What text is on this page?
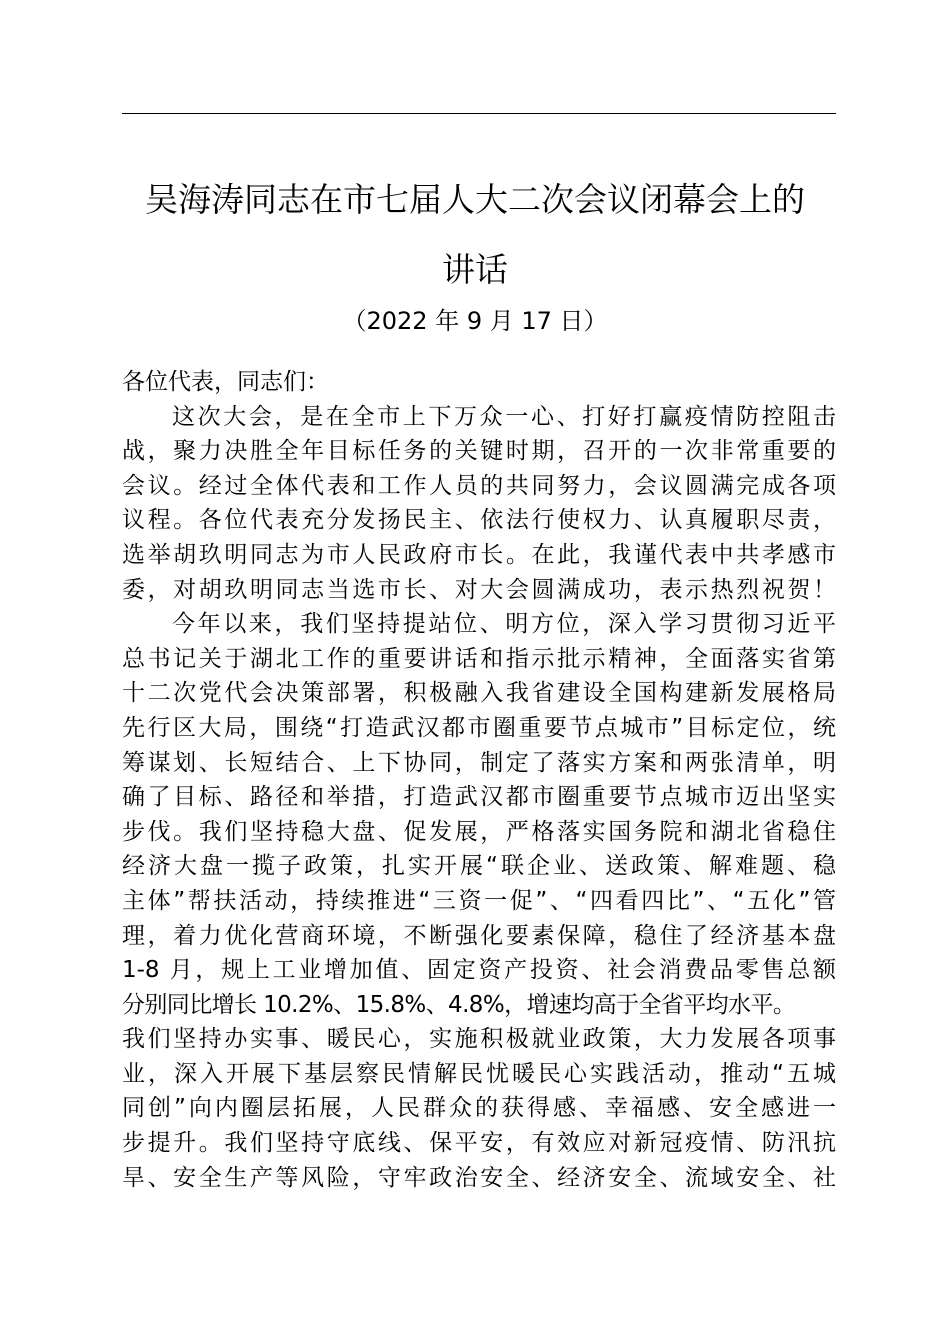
吴海涛同志在市七届人大二次会议闭幕会上的
讲话
（2022 年 9 月 17 日）
各位代表，同志们：
这次大会，是在全市上下万众一心、打好打赢疫情防控阻击
战，聚力决胜全年目标任务的关键时期，召开的一次非常重要的
会议。经过全体代表和工作人员的共同努力，会议圆满完成各项
议程。各位代表充分发扬民主、依法行使权力、认真履职尽责，
选举胡玖明同志为市人民政府市长。在此，我谨代表中共孝感市
委，对胡玖明同志当选市长、对大会圆满成功，表示热烈祝贺！
今年以来，我们坚持提站位、明方位，深入学习贯彻习近平
总书记关于湖北工作的重要讲话和指示批示精神，全面落实省第
十二次党代会决策部署，积极融入我省建设全国构建新发展格局
先行区大局，围绕“打造武汉都市圈重要节点城市”目标定位，统
筹谋划、长短结合、上下协同，制定了落实方案和两张清单，明
确了目标、路径和举措，打造武汉都市圈重要节点城市迈出坚实
步伐。我们坚持稳大盘、促发展，严格落实国务院和湖北省稳住
经济大盘一揽子政策，扎实开展“联企业、送政策、解难题、稳
主体”帮扶活动，持续推进“三资一促”、“四看四比”、“五化”管
理，着力优化营商环境，不断强化要素保障，稳住了经济基本盘
1-8 月，规上工业增加值、固定资产投资、社会消费品零售总额
分别同比增长 10.2%、15.8%、4.8%，增速均高于全省平均水平。
我们坚持办实事、暖民心，实施积极就业政策，大力发展各项事
业，深入开展下基层察民情解民忧暖民心实践活动，推动“五城
同创”向内圈层拓展，人民群众的获得感、幸福感、安全感进一
步提升。我们坚持守底线、保平安，有效应对新冠疫情、防汛抗
旱、安全生产等风险，守牢政治安全、经济安全、流域安全、社
